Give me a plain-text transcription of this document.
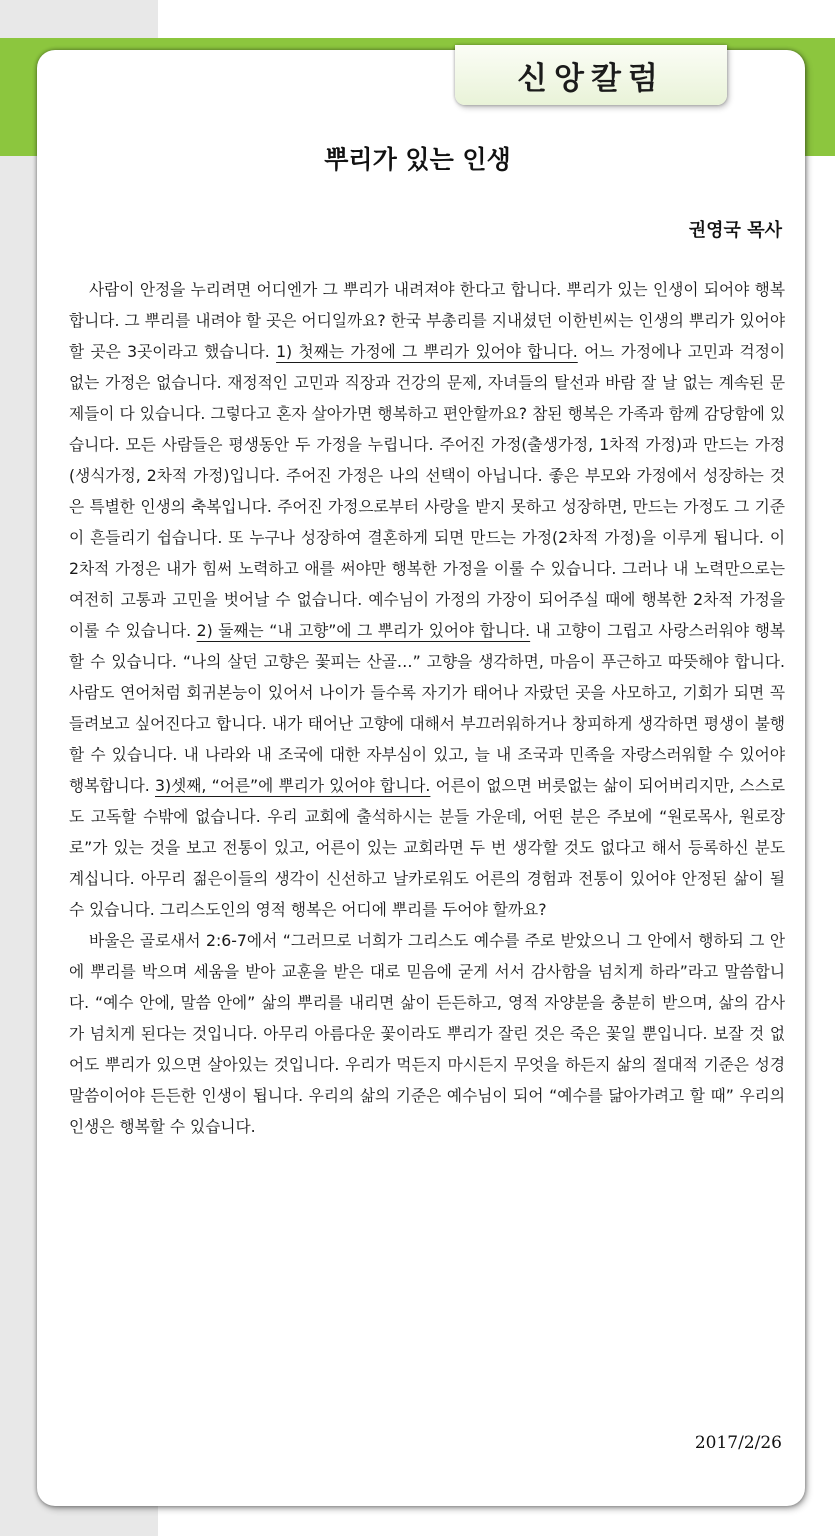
신앙칼럼
뿌리가 있는 인생
권영국 목사

사람이 안정을 누리려면 어디엔가 그 뿌리가 내려져야 한다고 합니다. 뿌리가 있는 인생이 되어야 행복합니다. 그 뿌리를 내려야 할 곳은 어디일까요? 한국 부총리를 지내셨던 이한빈씨는 인생의 뿌리가 있어야할 곳은 3곳이라고 했습니다. 1) 첫째는 가정에 그 뿌리가 있어야 합니다. 어느 가정에나 고민과 걱정이 없는 가정은 없습니다. 재정적인 고민과 직장과 건강의 문제, 자녀들의 탈선과 바람 잘 날 없는 계속된 문제들이 다 있습니다. 그렇다고 혼자 살아가면 행복하고 편안할까요? 참된 행복은 가족과 함께 감당함에 있습니다. 모든 사람들은 평생동안 두 가정을 누립니다. 주어진 가정(출생가정, 1차적 가정)과 만드는 가정(생식가정, 2차적 가정)입니다. 주어진 가정은 나의 선택이 아닙니다. 좋은 부모와 가정에서 성장하는 것은 특별한 인생의 축복입니다. 주어진 가정으로부터 사랑을 받지 못하고 성장하면, 만드는 가정도 그 기준이 흔들리기 쉽습니다. 또 누구나 성장하여 결혼하게 되면 만드는 가정(2차적 가정)을 이루게 됩니다. 이 2차적 가정은 내가 힘써 노력하고 애를 써야만 행복한 가정을 이룰 수 있습니다. 그러나 내 노력만으로는 여전히 고통과 고민을 벗어날 수 없습니다. 예수님이 가정의 가장이 되어주실 때에 행복한 2차적 가정을 이룰 수 있습니다. 2) 둘째는 “내 고향”에 그 뿌리가 있어야 합니다. 내 고향이 그립고 사랑스러워야 행복할 수 있습니다. “나의 살던 고향은 꽃피는 산골…” 고향을 생각하면, 마음이 푸근하고 따뜻해야 합니다. 사람도 연어처럼 회귀본능이 있어서 나이가 들수록 자기가 태어나 자랐던 곳을 사모하고, 기회가 되면 꼭 들려보고 싶어진다고 합니다. 내가 태어난 고향에 대해서 부끄러워하거나 창피하게 생각하면 평생이 불행할 수 있습니다. 내 나라와 내 조국에 대한 자부심이 있고, 늘 내 조국과 민족을 자랑스러워할 수 있어야 행복합니다. 3)셋째, “어른”에 뿌리가 있어야 합니다. 어른이 없으면 버릇없는 삶이 되어버리지만, 스스로도 고독할 수밖에 없습니다. 우리 교회에 출석하시는 분들 가운데, 어떤 분은 주보에 “원로목사, 원로장로”가 있는 것을 보고 전통이 있고, 어른이 있는 교회라면 두 번 생각할 것도 없다고 해서 등록하신 분도 계십니다. 아무리 젊은이들의 생각이 신선하고 날카로워도 어른의 경험과 전통이 있어야 안정된 삶이 될 수 있습니다. 그리스도인의 영적 행복은 어디에 뿌리를 두어야 할까요?

바울은 골로새서 2:6-7에서 “그러므로 너희가 그리스도 예수를 주로 받았으니 그 안에서 행하되 그 안에 뿌리를 박으며 세움을 받아 교훈을 받은 대로 믿음에 굳게 서서 감사함을 넘치게 하라”라고 말씀합니다. “예수 안에, 말씀 안에” 삶의 뿌리를 내리면 삶이 든든하고, 영적 자양분을 충분히 받으며, 삶의 감사가 넘치게 된다는 것입니다. 아무리 아름다운 꽃이라도 뿌리가 잘린 것은 죽은 꽃일 뿐입니다. 보잘 것 없어도 뿌리가 있으면 살아있는 것입니다. 우리가 먹든지 마시든지 무엇을 하든지 삶의 절대적 기준은 성경 말씀이어야 든든한 인생이 됩니다. 우리의 삶의 기준은 예수님이 되어 “예수를 닮아가려고 할 때” 우리의 인생은 행복할 수 있습니다.

2017/2/26
